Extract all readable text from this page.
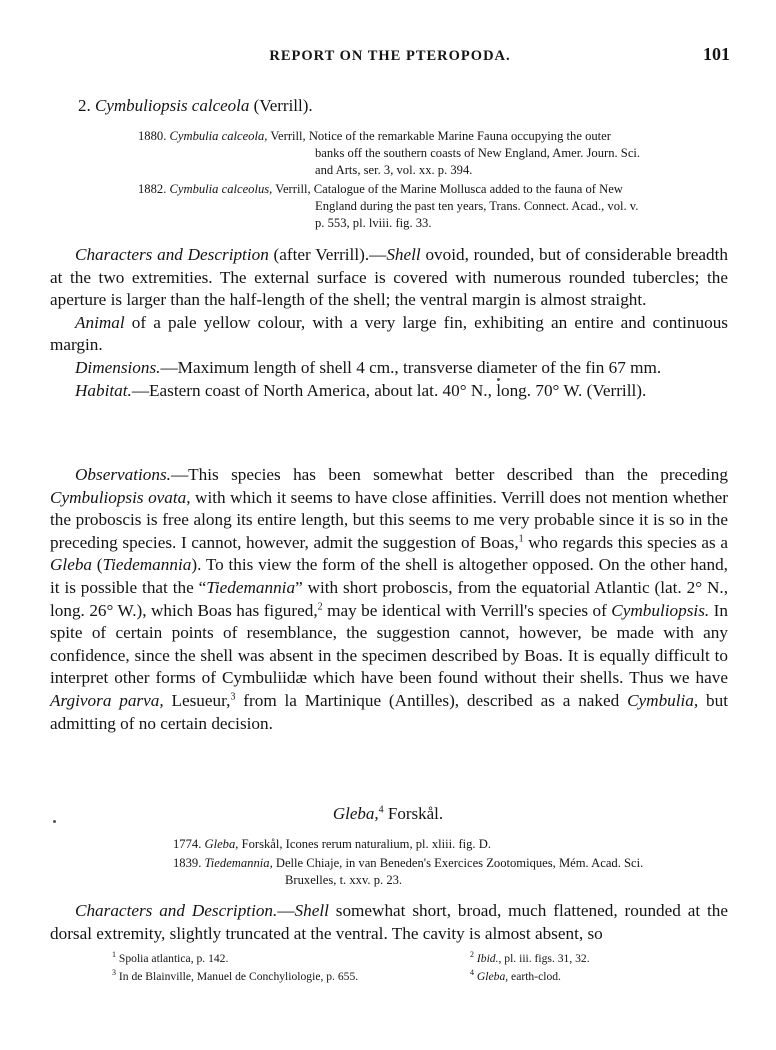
REPORT ON THE PTEROPODA.	101
2. Cymbuliopsis calceola (Verrill).
1880. Cymbulia calceola, Verrill, Notice of the remarkable Marine Fauna occupying the outer
banks off the southern coasts of New England, Amer. Journ. Sci.
and Arts, ser. 3, vol. xx. p. 394.
1882. Cymbulia calceolus, Verrill, Catalogue of the Marine Mollusca added to the fauna of New
England during the past ten years, Trans. Connect. Acad., vol. v.
p. 553, pl. lviii. fig. 33.

Characters and Description (after Verrill).—Shell ovoid, rounded, but of considerable breadth at the two extremities. The external surface is covered with numerous rounded tubercles; the aperture is larger than the half-length of the shell; the ventral margin is almost straight.

Animal of a pale yellow colour, with a very large fin, exhibiting an entire and continuous margin.

Dimensions.—Maximum length of shell 4 cm., transverse diameter of the fin 67 mm.

Habitat.—Eastern coast of North America, about lat. 40° N., long. 70° W. (Verrill).

Observations.—This species has been somewhat better described than the preceding Cymbuliopsis ovata, with which it seems to have close affinities. Verrill does not mention whether the proboscis is free along its entire length, but this seems to me very probable since it is so in the preceding species. I cannot, however, admit the suggestion of Boas,$^1$ who regards this species as a Gleba (Tiedemannia). To this view the form of the shell is altogether opposed. On the other hand, it is possible that the “Tiedemannia” with short proboscis, from the equatorial Atlantic (lat. 2° N., long. 26° W.), which Boas has figured,$^2$ may be identical with Verrill's species of Cymbuliopsis. In spite of certain points of resemblance, the suggestion cannot, however, be made with any confidence, since the shell was absent in the specimen described by Boas. It is equally difficult to interpret other forms of Cymbuliidæ which have been found without their shells. Thus we have Argivora parva, Lesueur,$^3$ from la Martinique (Antilles), described as a naked Cymbulia, but admitting of no certain decision.

Gleba,$^4$ Forskål.
1774. Gleba, Forskål, Icones rerum naturalium, pl. xliii. fig. D.
1839. Tiedemannia, Delle Chiaje, in van Beneden's Exercices Zootomiques, Mém. Acad. Sci.
Bruxelles, t. xxv. p. 23.

Characters and Description.—Shell somewhat short, broad, much flattened, rounded at the dorsal extremity, slightly truncated at the ventral. The cavity is almost absent, so

$^1$ Spolia atlantica, p. 142.
$^3$ In de Blainville, Manuel de Conchyliologie, p. 655.
$^2$ Ibid., pl. iii. figs. 31, 32.
$^4$ Gleba, earth-clod.
